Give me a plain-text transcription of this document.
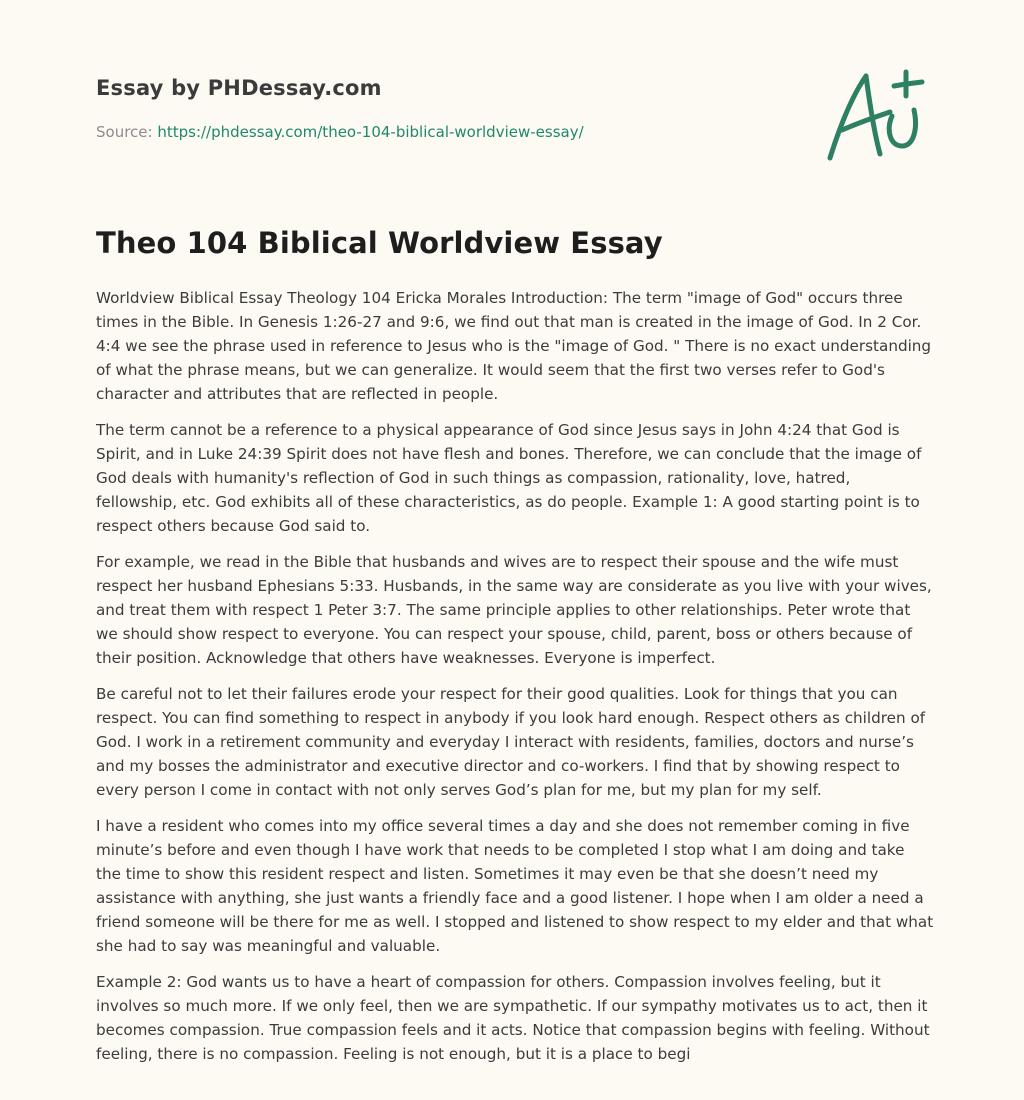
Essay by PHDessay.com
Source: https://phdessay.com/theo-104-biblical-worldview-essay/
Theo 104 Biblical Worldview Essay

Worldview Biblical Essay Theology 104 Ericka Morales Introduction: The term "image of God" occurs three times in the Bible. In Genesis 1:26-27 and 9:6, we find out that man is created in the image of God. In 2 Cor. 4:4 we see the phrase used in reference to Jesus who is the "image of God. " There is no exact understanding of what the phrase means, but we can generalize. It would seem that the first two verses refer to God's character and attributes that are reflected in people.

The term cannot be a reference to a physical appearance of God since Jesus says in John 4:24 that God is Spirit, and in Luke 24:39 Spirit does not have flesh and bones. Therefore, we can conclude that the image of God deals with humanity's reflection of God in such things as compassion, rationality, love, hatred, fellowship, etc. God exhibits all of these characteristics, as do people. Example 1: A good starting point is to respect others because God said to.

For example, we read in the Bible that husbands and wives are to respect their spouse and the wife must respect her husband Ephesians 5:33. Husbands, in the same way are considerate as you live with your wives, and treat them with respect 1 Peter 3:7. The same principle applies to other relationships. Peter wrote that we should show respect to everyone. You can respect your spouse, child, parent, boss or others because of their position. Acknowledge that others have weaknesses. Everyone is imperfect.

Be careful not to let their failures erode your respect for their good qualities. Look for things that you can respect. You can find something to respect in anybody if you look hard enough. Respect others as children of God. I work in a retirement community and everyday I interact with residents, families, doctors and nurse’s and my bosses the administrator and executive director and co-workers. I find that by showing respect to every person I come in contact with not only serves God’s plan for me, but my plan for my self.

I have a resident who comes into my office several times a day and she does not remember coming in five minute’s before and even though I have work that needs to be completed I stop what I am doing and take the time to show this resident respect and listen. Sometimes it may even be that she doesn’t need my assistance with anything, she just wants a friendly face and a good listener. I hope when I am older a need a friend someone will be there for me as well. I stopped and listened to show respect to my elder and that what she had to say was meaningful and valuable.

Example 2: God wants us to have a heart of compassion for others. Compassion involves feeling, but it involves so much more. If we only feel, then we are sympathetic. If our sympathy motivates us to act, then it becomes compassion. True compassion feels and it acts. Notice that compassion begins with feeling. Without feeling, there is no compassion. Feeling is not enough, but it is a place to begi
